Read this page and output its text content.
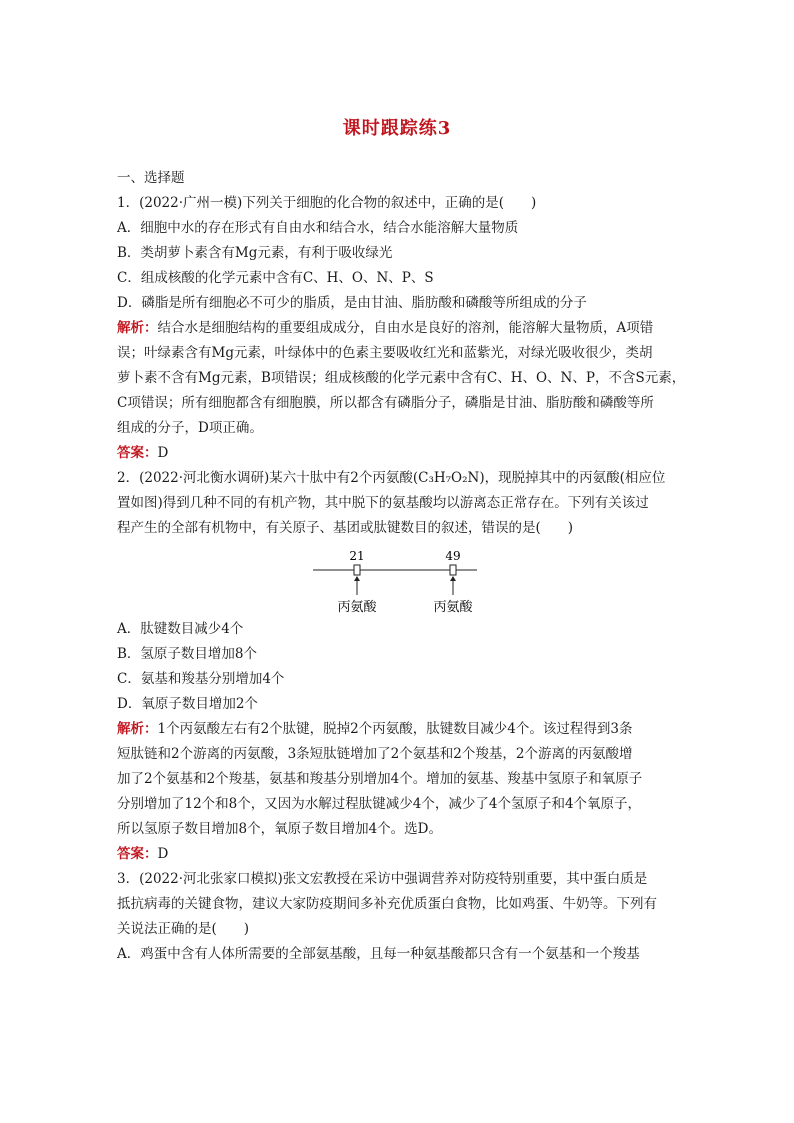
课时跟踪练3
一、选择题
1．(2022·广州一模)下列关于细胞的化合物的叙述中，正确的是(　　)
A．细胞中水的存在形式有自由水和结合水，结合水能溶解大量物质
B．类胡萝卜素含有Mg元素，有利于吸收绿光
C．组成核酸的化学元素中含有C、H、O、N、P、S
D．磷脂是所有细胞必不可少的脂质，是由甘油、脂肪酸和磷酸等所组成的分子
解析：结合水是细胞结构的重要组成成分，自由水是良好的溶剂，能溶解大量物质，A项错
误；叶绿素含有Mg元素，叶绿体中的色素主要吸收红光和蓝紫光，对绿光吸收很少，类胡
萝卜素不含有Mg元素，B项错误；组成核酸的化学元素中含有C、H、O、N、P，不含S元素，
C项错误；所有细胞都含有细胞膜，所以都含有磷脂分子，磷脂是甘油、脂肪酸和磷酸等所
组成的分子，D项正确。
答案：D
2．(2022·河北衡水调研)某六十肽中有2个丙氨酸(C₃H₇O₂N)，现脱掉其中的丙氨酸(相应位
置如图)得到几种不同的有机产物，其中脱下的氨基酸均以游离态正常存在。下列有关该过
程产生的全部有机物中，有关原子、基团或肽键数目的叙述，错误的是(　　)
21	49
丙氨酸	丙氨酸
A．肽键数目减少4个
B．氢原子数目增加8个
C．氨基和羧基分别增加4个
D．氧原子数目增加2个
解析：1个丙氨酸左右有2个肽键，脱掉2个丙氨酸，肽键数目减少4个。该过程得到3条
短肽链和2个游离的丙氨酸，3条短肽链增加了2个氨基和2个羧基，2个游离的丙氨酸增
加了2个氨基和2个羧基，氨基和羧基分别增加4个。增加的氨基、羧基中氢原子和氧原子
分别增加了12个和8个，又因为水解过程肽键减少4个，减少了4个氢原子和4个氧原子，
所以氢原子数目增加8个，氧原子数目增加4个。选D。
答案：D
3．(2022·河北张家口模拟)张文宏教授在采访中强调营养对防疫特别重要，其中蛋白质是
抵抗病毒的关键食物，建议大家防疫期间多补充优质蛋白食物，比如鸡蛋、牛奶等。下列有
关说法正确的是(　　)
A．鸡蛋中含有人体所需要的全部氨基酸，且每一种氨基酸都只含有一个氨基和一个羧基
